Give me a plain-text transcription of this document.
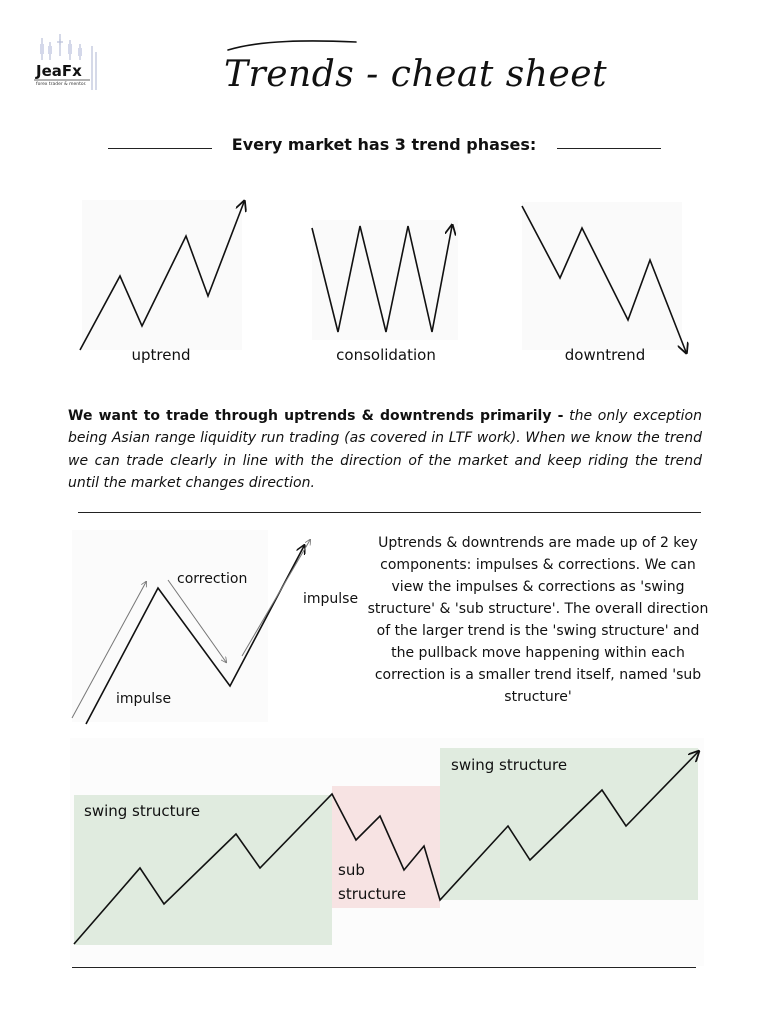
JeaFx
forex trader & mentor.	Trends - cheat sheet
Every market has 3 trend phases:
uptrend	consolidation	downtrend
We want to trade through uptrends & downtrends primarily - the only exception being Asian range liquidity run trading (as covered in LTF work). When we know the trend we can trade clearly in line with the direction of the market and keep riding the trend until the market changes direction.
correction
impulse
impulse
Uptrends & downtrends are made up of 2 key components: impulses & corrections. We can view the impulses & corrections as 'swing structure' & 'sub structure'. The overall direction of the larger trend is the 'swing structure' and the pullback move happening within each correction is a smaller trend itself, named 'sub structure'
swing structure
sub
structure
swing structure
